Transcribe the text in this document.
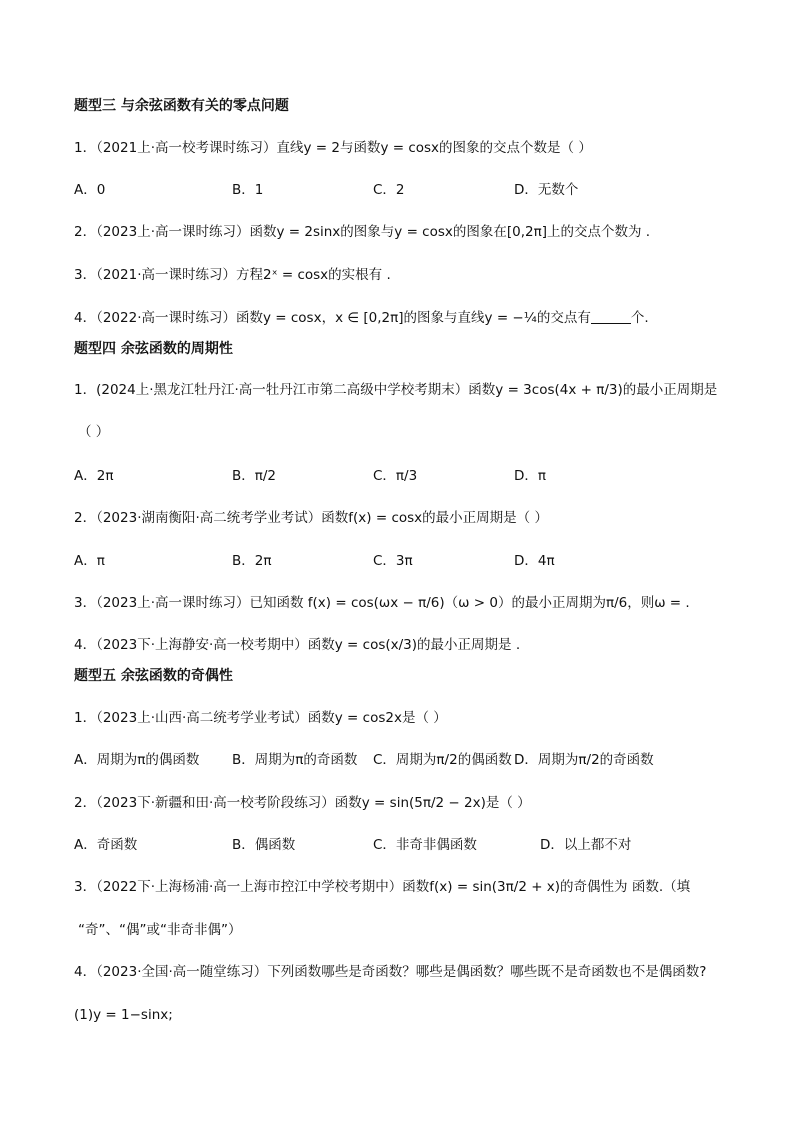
题型三 与余弦函数有关的零点问题
1．（2021上·高一校考课时练习）直线y = 2与函数y = cosx的图象的交点个数是（ ）
A．0	B．1	C．2	D．无数个
2．（2023上·高一课时练习）函数y = 2sinx的图象与y = cosx的图象在[0,2π]上的交点个数为 .
3．（2021·高一课时练习）方程2ˣ = cosx的实根有 .
4．（2022·高一课时练习）函数y = cosx，x ∈ [0,2π]的图象与直线y = −¼的交点有	个.
题型四 余弦函数的周期性
1．(2024上·黑龙江牡丹江·高一牡丹江市第二高级中学校考期末）函数y = 3cos(4x + π/3)的最小正周期是
（ ）
A．2π	B．π/2	C．π/3	D．π
2．（2023·湖南衡阳·高二统考学业考试）函数f(x) = cosx的最小正周期是（ ）
A．π	B．2π	C．3π	D．4π
3．（2023上·高一课时练习）已知函数 f(x) = cos(ωx − π/6)（ω > 0）的最小正周期为π/6，则ω = .
4．（2023下·上海静安·高一校考期中）函数y = cos(x/3)的最小正周期是 .
题型五 余弦函数的奇偶性
1．（2023上·山西·高二统考学业考试）函数y = cos2x是（ ）
A．周期为π的偶函数 B．周期为π的奇函数 C．周期为π/2的偶函数 D．周期为π/2的奇函数
2．（2023下·新疆和田·高一校考阶段练习）函数y = sin(5π/2 − 2x)是（ ）
A．奇函数	B．偶函数	C．非奇非偶函数	D．以上都不对
3．（2022下·上海杨浦·高一上海市控江中学校考期中）函数f(x) = sin(3π/2 + x)的奇偶性为 函数.（填
“奇”、“偶”或“非奇非偶”）
4．（2023·全国·高一随堂练习）下列函数哪些是奇函数？哪些是偶函数？哪些既不是奇函数也不是偶函数?
(1)y = 1−sinx;
